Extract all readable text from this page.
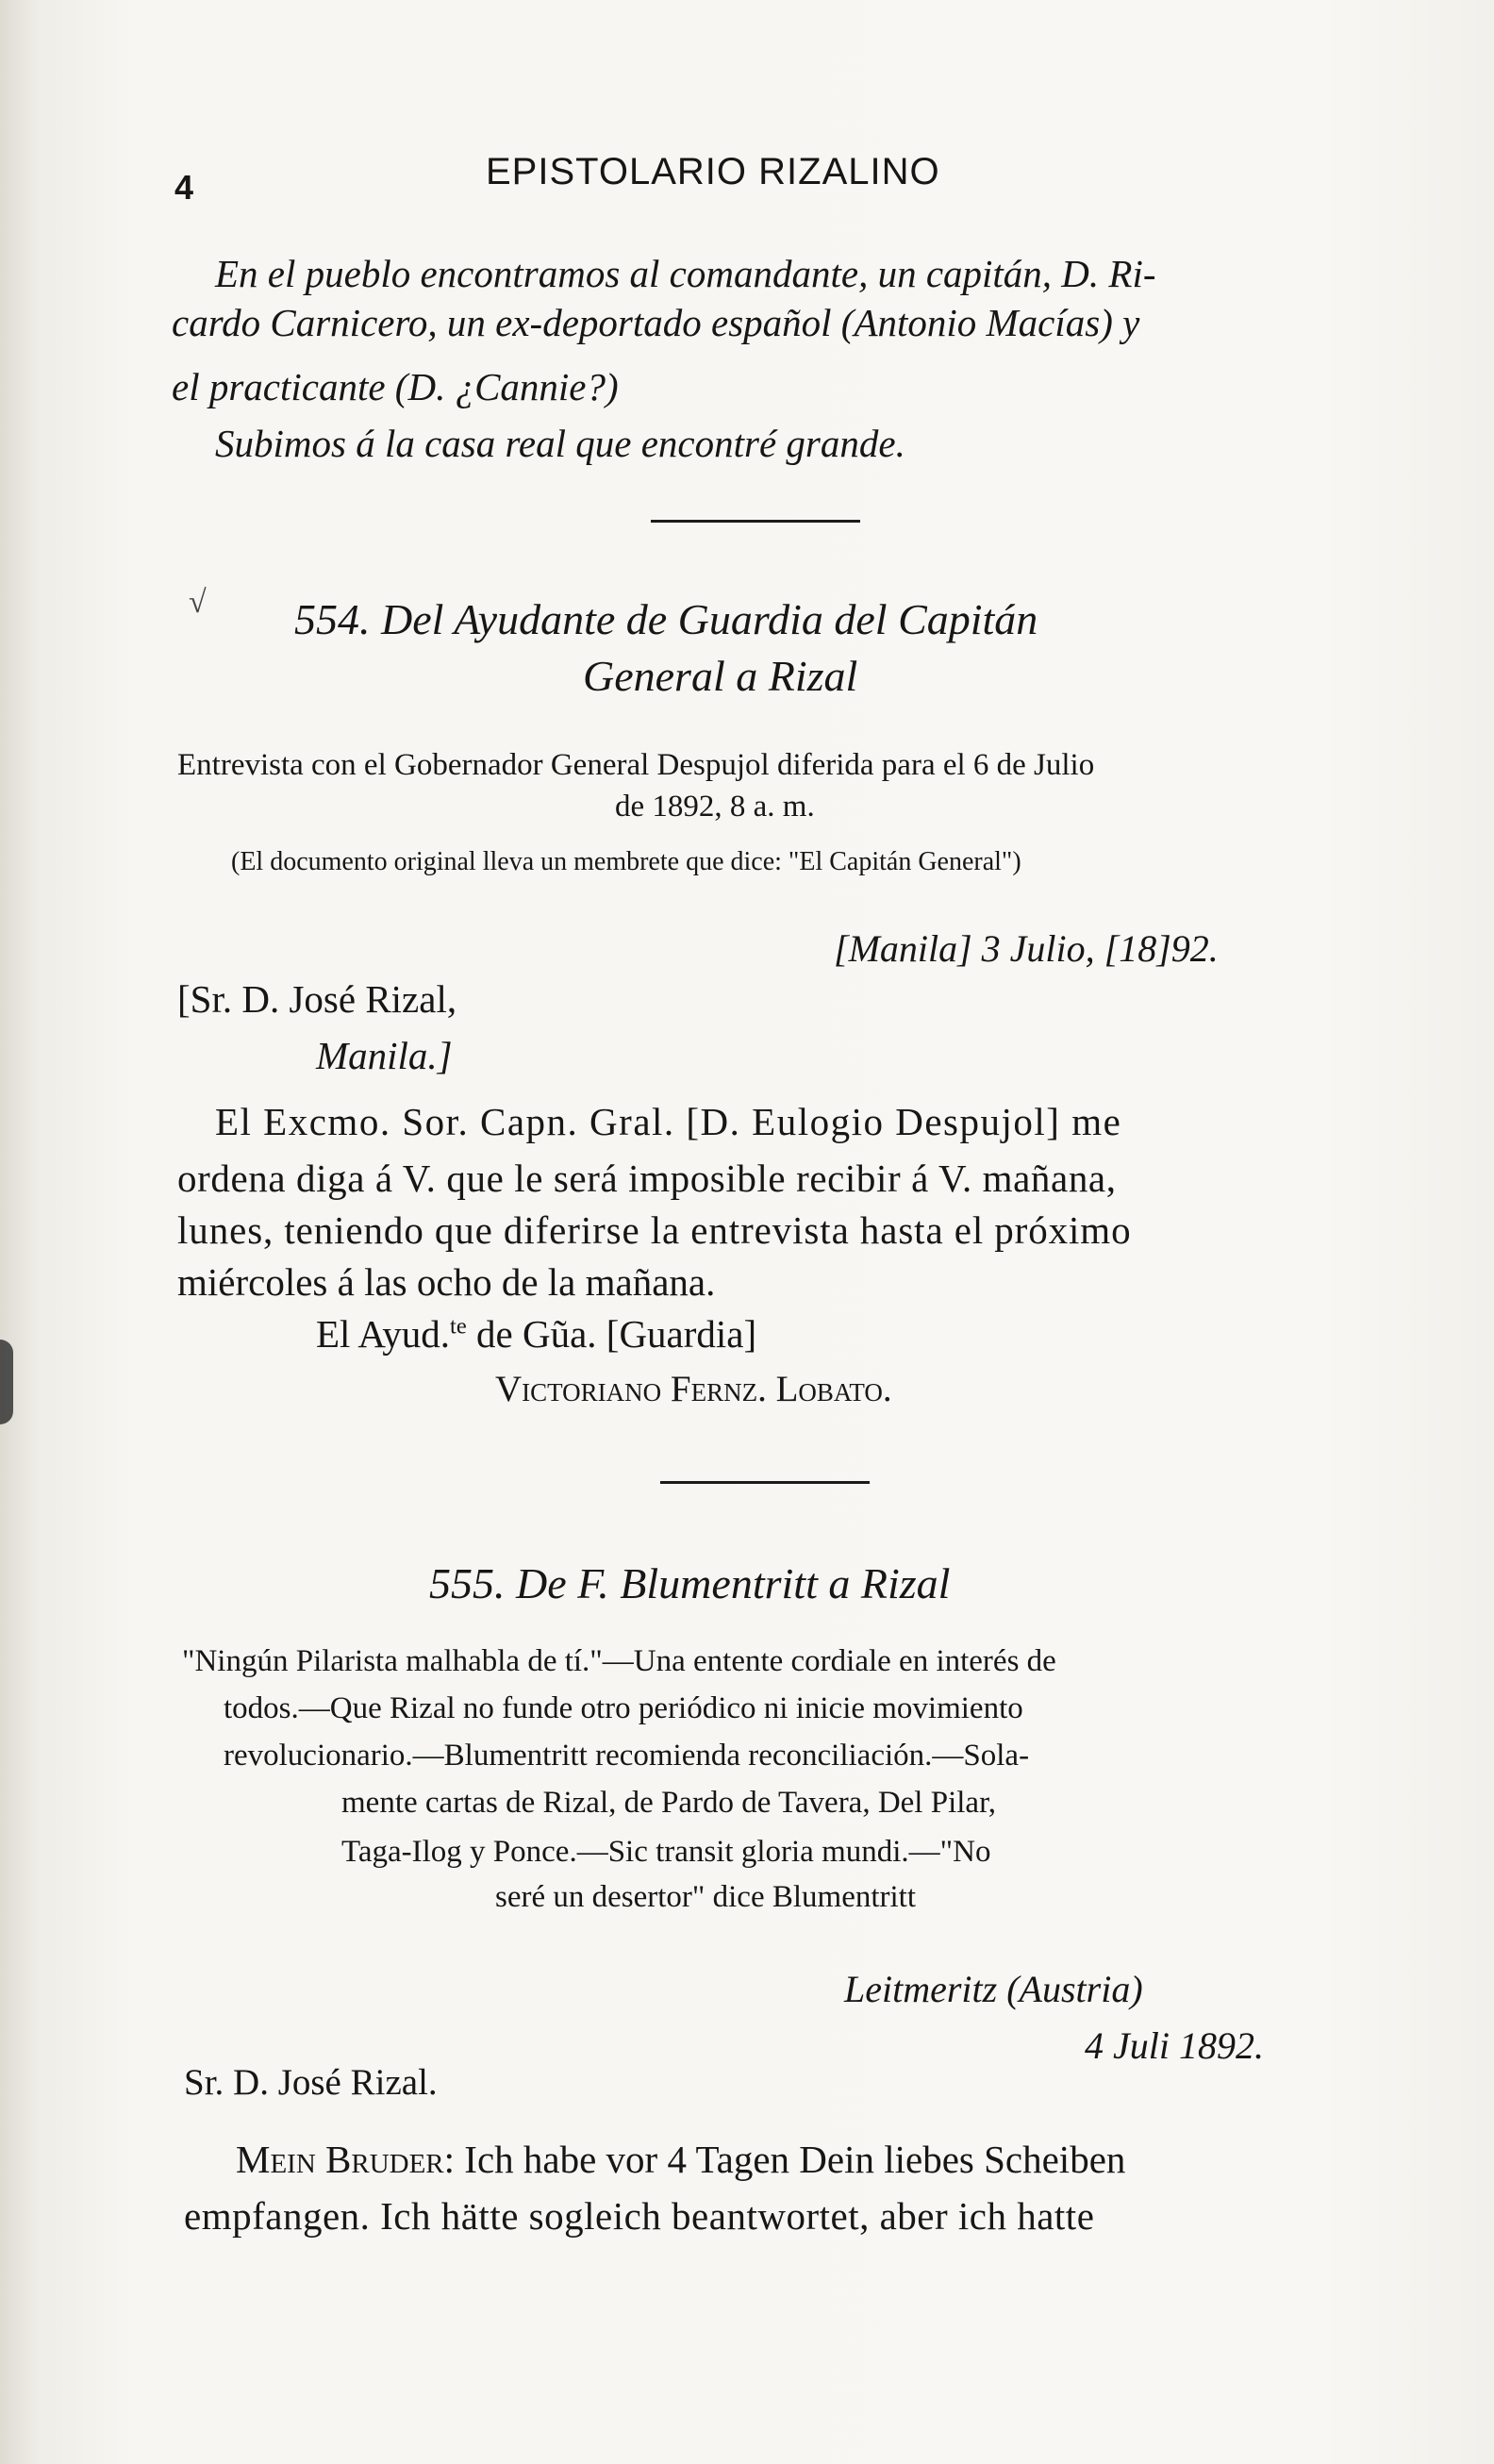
4	EPISTOLARIO RIZALINO
En el pueblo encontramos al comandante, un capitán, D. Ri-
cardo Carnicero, un ex-deportado español (Antonio Macías) y
el practicante (D. ¿Cannie?)
Subimos á la casa real que encontré grande.
√ 554. Del Ayudante de Guardia del Capitán
General a Rizal
Entrevista con el Gobernador General Despujol diferida para el 6 de Julio
de 1892, 8 a. m.
(El documento original lleva un membrete que dice: "El Capitán General")
[Manila] 3 Julio, [18]92.
[Sr. D. José Rizal,
Manila.]
El Excmo. Sor. Capn. Gral. [D. Eulogio Despujol] me
ordena diga á V. que le será imposible recibir á V. mañana,
lunes, teniendo que diferirse la entrevista hasta el próximo
miércoles á las ocho de la mañana.
El Ayud.$^{te}$ de Gũa. [Guardia]
Victoriano Fernz. Lobato.
555. De F. Blumentritt a Rizal
"Ningún Pilarista malhabla de tí."—Una entente cordiale en interés de
todos.—Que Rizal no funde otro periódico ni inicie movimiento
revolucionario.—Blumentritt recomienda reconciliación.—Sola-
mente cartas de Rizal, de Pardo de Tavera, Del Pilar,
Taga-Ilog y Ponce.—Sic transit gloria mundi.—"No
seré un desertor" dice Blumentritt
Leitmeritz (Austria)
4 Juli 1892.
Sr. D. José Rizal.
Mein Bruder: Ich habe vor 4 Tagen Dein liebes Scheiben
empfangen. Ich hätte sogleich beantwortet, aber ich hatte
